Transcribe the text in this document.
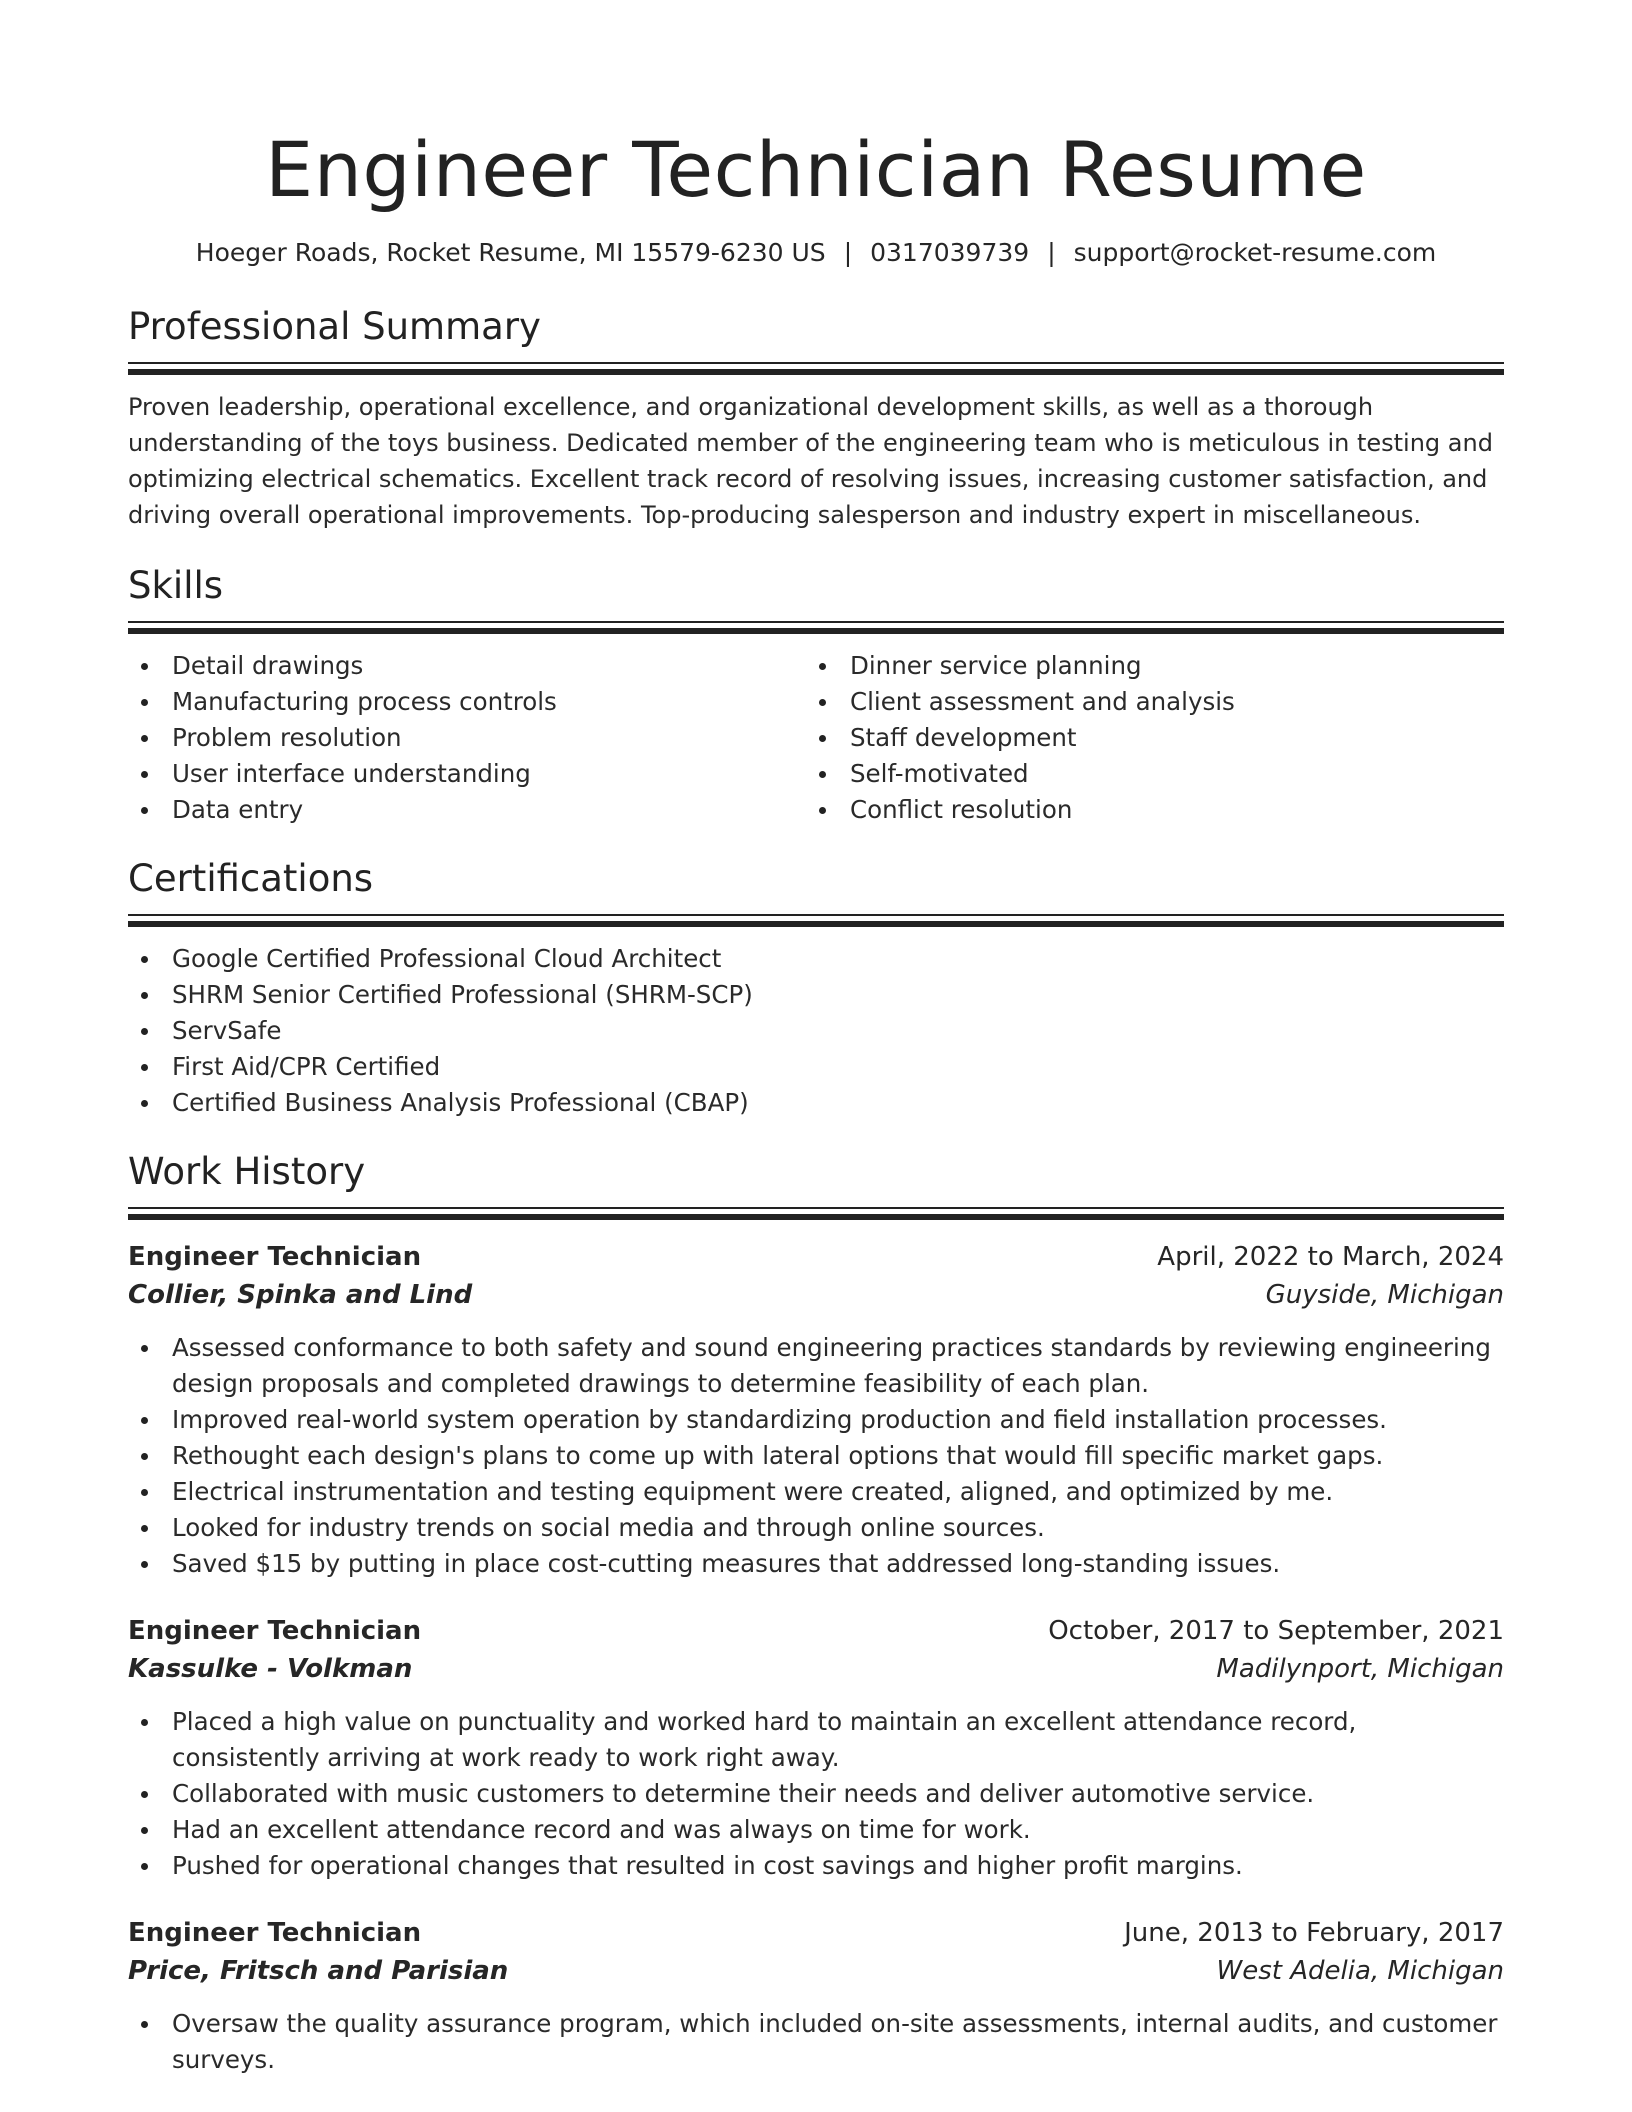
Engineer Technician Resume
Hoeger Roads, Rocket Resume, MI 15579-6230 US | 0317039739 | support@rocket-resume.com
Professional Summary
Proven leadership, operational excellence, and organizational development skills, as well as a thorough understanding of the toys business. Dedicated member of the engineering team who is meticulous in testing and optimizing electrical schematics. Excellent track record of resolving issues, increasing customer satisfaction, and driving overall operational improvements. Top-producing salesperson and industry expert in miscellaneous.
Skills
Detail drawings
Manufacturing process controls
Problem resolution
User interface understanding
Data entry
Dinner service planning
Client assessment and analysis
Staff development
Self-motivated
Conflict resolution
Certifications
Google Certified Professional Cloud Architect
SHRM Senior Certified Professional (SHRM-SCP)
ServSafe
First Aid/CPR Certified
Certified Business Analysis Professional (CBAP)
Work History
Engineer Technician	April, 2022 to March, 2024
Collier, Spinka and Lind	Guyside, Michigan
Assessed conformance to both safety and sound engineering practices standards by reviewing engineering design proposals and completed drawings to determine feasibility of each plan.
Improved real-world system operation by standardizing production and field installation processes.
Rethought each design's plans to come up with lateral options that would fill specific market gaps.
Electrical instrumentation and testing equipment were created, aligned, and optimized by me.
Looked for industry trends on social media and through online sources.
Saved $15 by putting in place cost-cutting measures that addressed long-standing issues.
Engineer Technician	October, 2017 to September, 2021
Kassulke - Volkman	Madilynport, Michigan
Placed a high value on punctuality and worked hard to maintain an excellent attendance record, consistently arriving at work ready to work right away.
Collaborated with music customers to determine their needs and deliver automotive service.
Had an excellent attendance record and was always on time for work.
Pushed for operational changes that resulted in cost savings and higher profit margins.
Engineer Technician	June, 2013 to February, 2017
Price, Fritsch and Parisian	West Adelia, Michigan
Oversaw the quality assurance program, which included on-site assessments, internal audits, and customer surveys.
